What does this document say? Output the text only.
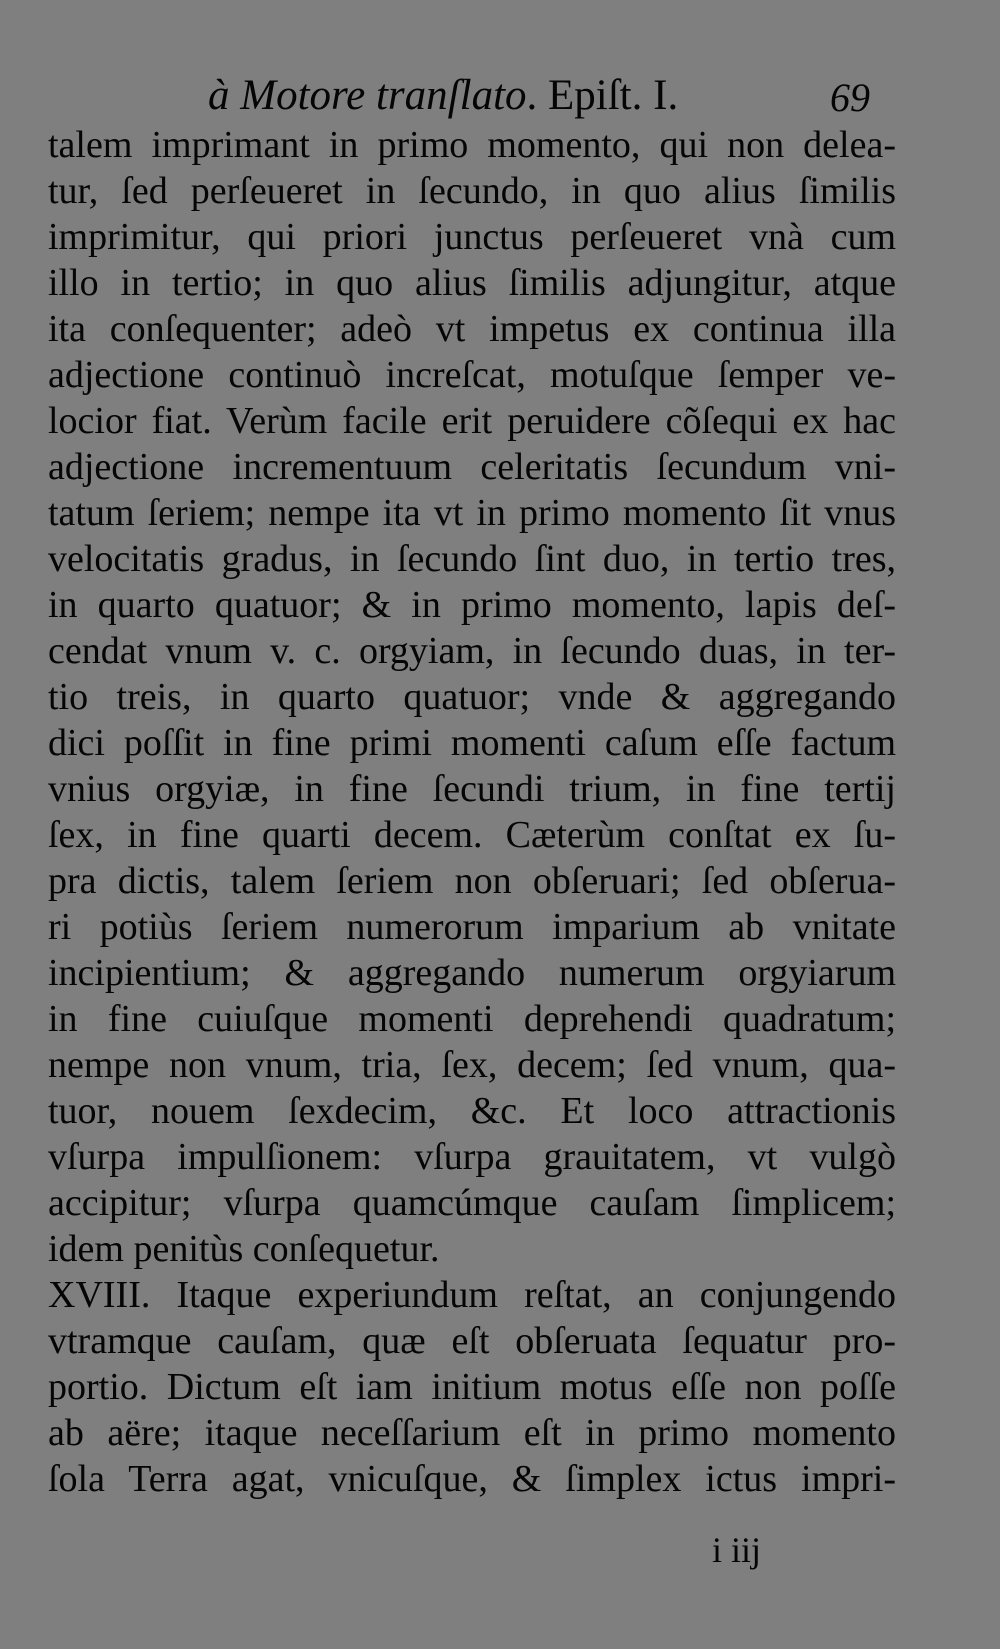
à Motore tranſlato. Epiſt. I.	69
talem imprimant in primo momento, qui non delea-
tur, ſed perſeueret in ſecundo, in quo alius ſimilis
imprimitur, qui priori junctus perſeueret vnà cum
illo in tertio; in quo alius ſimilis adjungitur, atque
ita conſequenter; adeò vt impetus ex continua illa
adjectione continuò increſcat, motuſque ſemper ve-
locior fiat. Verùm facile erit peruidere cõſequi ex hac
adjectione incrementuum celeritatis ſecundum vni-
tatum ſeriem; nempe ita vt in primo momento ſit vnus
velocitatis gradus, in ſecundo ſint duo, in tertio tres,
in quarto quatuor; & in primo momento, lapis deſ-
cendat vnum v. c. orgyiam, in ſecundo duas, in ter-
tio treis, in quarto quatuor; vnde & aggregando
dici poſſit in fine primi momenti caſum eſſe factum
vnius orgyiæ, in fine ſecundi trium, in fine tertij
ſex, in fine quarti decem. Cæterùm conſtat ex ſu-
pra dictis, talem ſeriem non obſeruari; ſed obſerua-
ri potiùs ſeriem numerorum imparium ab vnitate
incipientium; & aggregando numerum orgyiarum
in fine cuiuſque momenti deprehendi quadratum;
nempe non vnum, tria, ſex, decem; ſed vnum, qua-
tuor, nouem ſexdecim, &c. Et loco attractionis
vſurpa impulſionem: vſurpa grauitatem, vt vulgò
accipitur; vſurpa quamcúmque cauſam ſimplicem;
idem penitùs conſequetur.
XVIII. Itaque experiundum reſtat, an conjungendo
vtramque cauſam, quæ eſt obſeruata ſequatur pro-
portio. Dictum eſt iam initium motus eſſe non poſſe
ab aëre; itaque neceſſarium eſt in primo momento
ſola Terra agat, vnicuſque, & ſimplex ictus impri-
i iij
